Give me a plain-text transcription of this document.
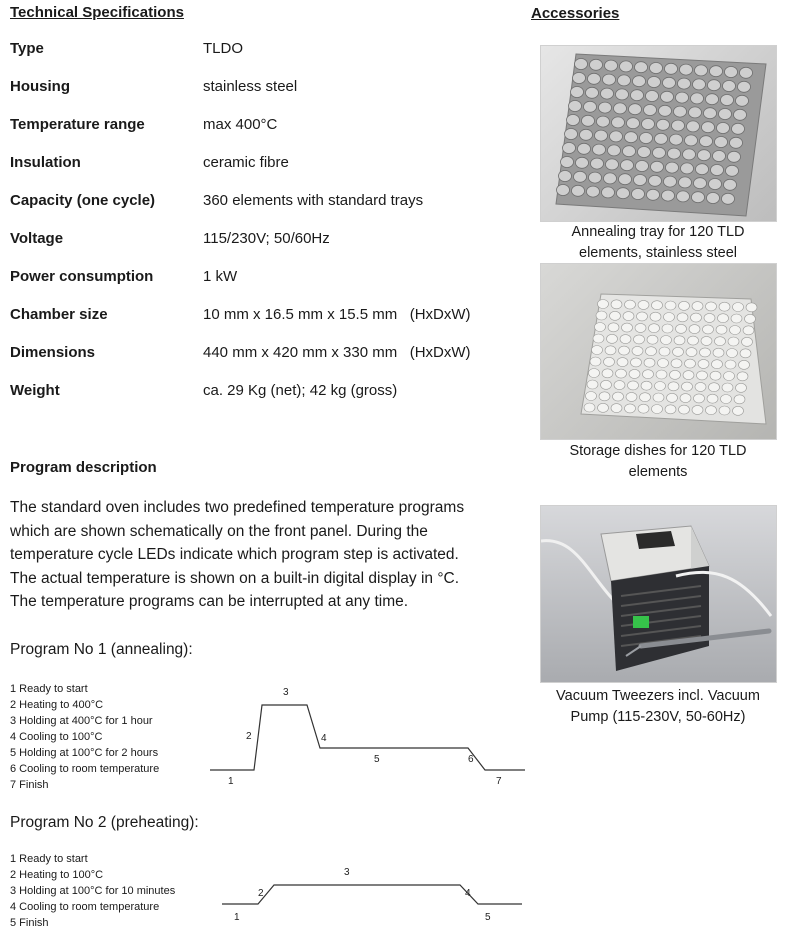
Technical Specifications
Type	TLDO
Housing	stainless steel
Temperature range	max 400°C
Insulation	ceramic fibre
Capacity (one cycle)	360 elements with standard trays
Voltage	115/230V; 50/60Hz
Power consumption	1 kW
Chamber size	10 mm x 16.5 mm x 15.5 mm   (HxDxW)
Dimensions	440 mm x 420 mm x 330 mm   (HxDxW)
Weight	ca. 29 Kg (net); 42 kg (gross)
Program description
The standard oven includes two predefined temperature programs
which are shown schematically on the front panel. During the
temperature cycle LEDs indicate which program step is activated.
The actual temperature is shown on a built-in digital display in °C.
The temperature programs can be interrupted at any time.
Program No 1 (annealing):
1 Ready to start
2 Heating to 400°C
3 Holding at 400°C for 1 hour
4 Cooling to 100°C
5 Holding at 100°C for 2 hours
6 Cooling to room temperature
7 Finish	1
2
3
4
5	6
7
Program No 2 (preheating):
1 Ready to start
2 Heating to 100°C
3 Holding at 100°C for 10 minutes
4 Cooling to room temperature
5 Finish	1
2
3
4
5
Accessories
Annealing tray for 120 TLD
elements, stainless steel
Storage dishes for 120 TLD
elements
Vacuum Tweezers incl. Vacuum
Pump (115-230V, 50-60Hz)
